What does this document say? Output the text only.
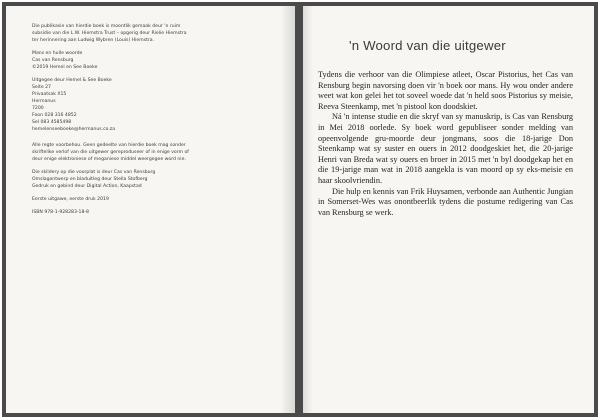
Die publikasie van hierdie boek is moontlik gemaak deur 'n ruim
subsidie van die L.W. Hiemstra Trust – opgerig deur Rielie Hiemstra
ter herinnering aan Ludwig Wybren (Louis) Hiemstra.
Mans en hulle woorde
Cas van Rensburg
©2019 Hemel en See Boeke
Uitgegee deur Hemel & See Boeke
Seite 27
Privaatsak X15
Hermanus
7200
Foon 028 316 4852
Sel 083 4585498
hemelenseeboeke@hermanus.co.za
Alle regte voorbehou. Geen gedeelte van hierdie boek mag sonder
skriftelike verlof van die uitgewer gereproduseer of in enige vorm of
deur enige elektroniese of meganiese middel weergegee word nie.
Die skildery op die voorplat is deur Cas van Rensburg
Omslagontwerp en bladuitleg deur Stella Stofberg
Gedruk en gebind deur Digital Action, Kaapstad
Eerste uitgawe, eerste druk 2019
ISBN 978-1-928283-18-8
'n Woord van die uitgewer

Tydens die verhoor van die Olimpiese atleet, Oscar Pistorius, het Cas van Rensburg begin navorsing doen vir 'n boek oor mans. Hy wou onder andere weet wat kon gelei het tot soveel woede dat 'n held soos Pistorius sy meisie, Reeva Steenkamp, met 'n pistool kon doodskiet.

Ná 'n intense studie en die skryf van sy manuskrip, is Cas van Rensburg in Mei 2018 oorlede. Sy boek word gepubliseer sonder melding van opeenvolgende gru-moorde deur jongmans, soos die 18-jarige Don Steenkamp wat sy suster en ouers in 2012 doodgeskiet het, die 20-jarige Henri van Breda wat sy ouers en broer in 2015 met 'n byl doodgekap het en die 19-jarige man wat in 2018 aangekla is van moord op sy eks-meisie en haar skoolvriendin.

Die hulp en kennis van Frik Huysamen, verbonde aan Authentic Jungian in Somerset-Wes was onontbeerlik tydens die postume redigering van Cas van Rensburg se werk.
